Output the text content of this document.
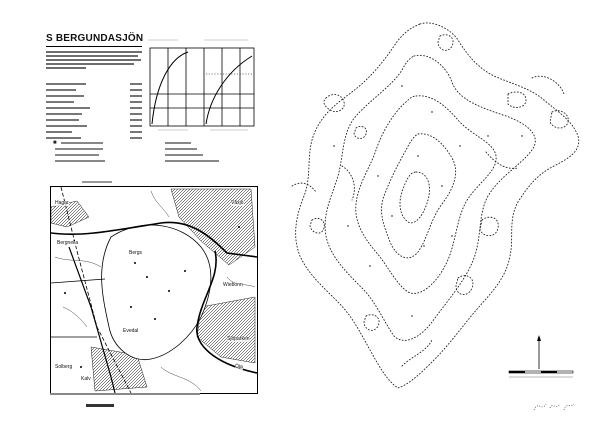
S BERGUNDASJÖN
■
Hagar
Bergnella
Bergs
Växjö
Evedal
Wiebonn
Sjöparken
Solberg
Kalv
Öja
